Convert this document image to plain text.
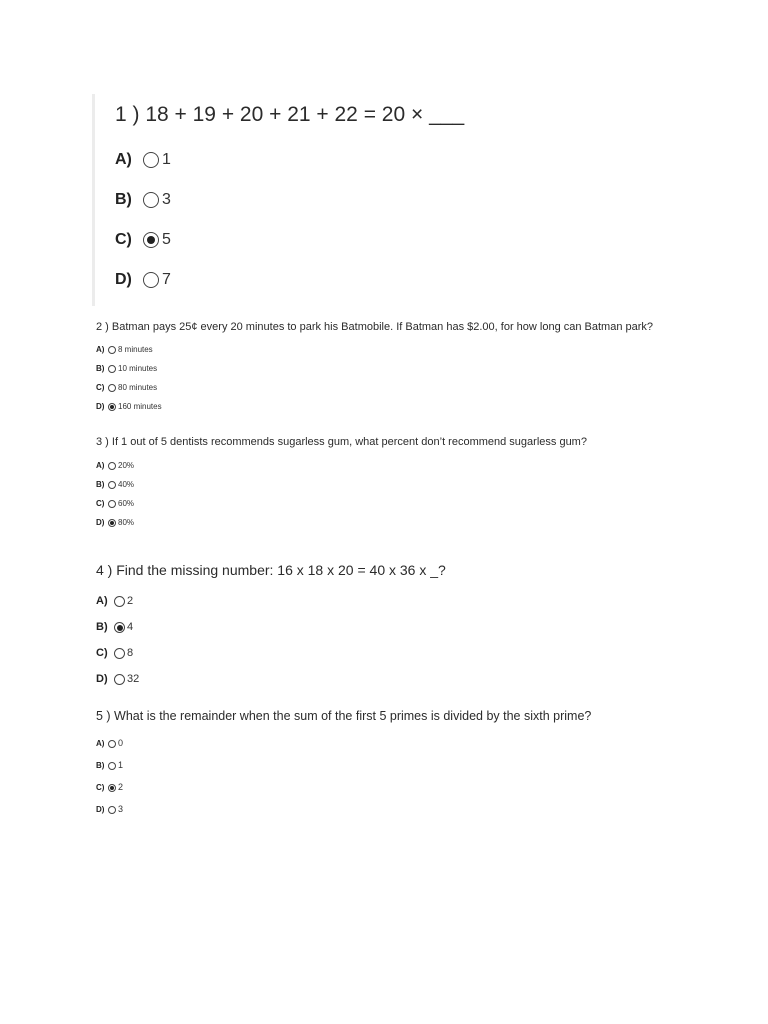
1 ) 18 + 19 + 20 + 21 + 22 = 20 × ___
A)	1
B)	3
C)	5
D)	7
2 ) Batman pays 25¢ every 20 minutes to park his Batmobile. If Batman has $2.00, for how long can Batman park?
A)	8 minutes
B)	10 minutes
C)	80 minutes
D)	160 minutes
3 ) If 1 out of 5 dentists recommends sugarless gum, what percent don’t recommend sugarless gum?
A)	20%
B)	40%
C)	60%
D)	80%
4 ) Find the missing number: 16 x 18 x 20 = 40 x 36 x _?
A)	2
B)	4
C)	8
D)	32
5 ) What is the remainder when the sum of the first 5 primes is divided by the sixth prime?
A)	0
B)	1
C)	2
D)	3
